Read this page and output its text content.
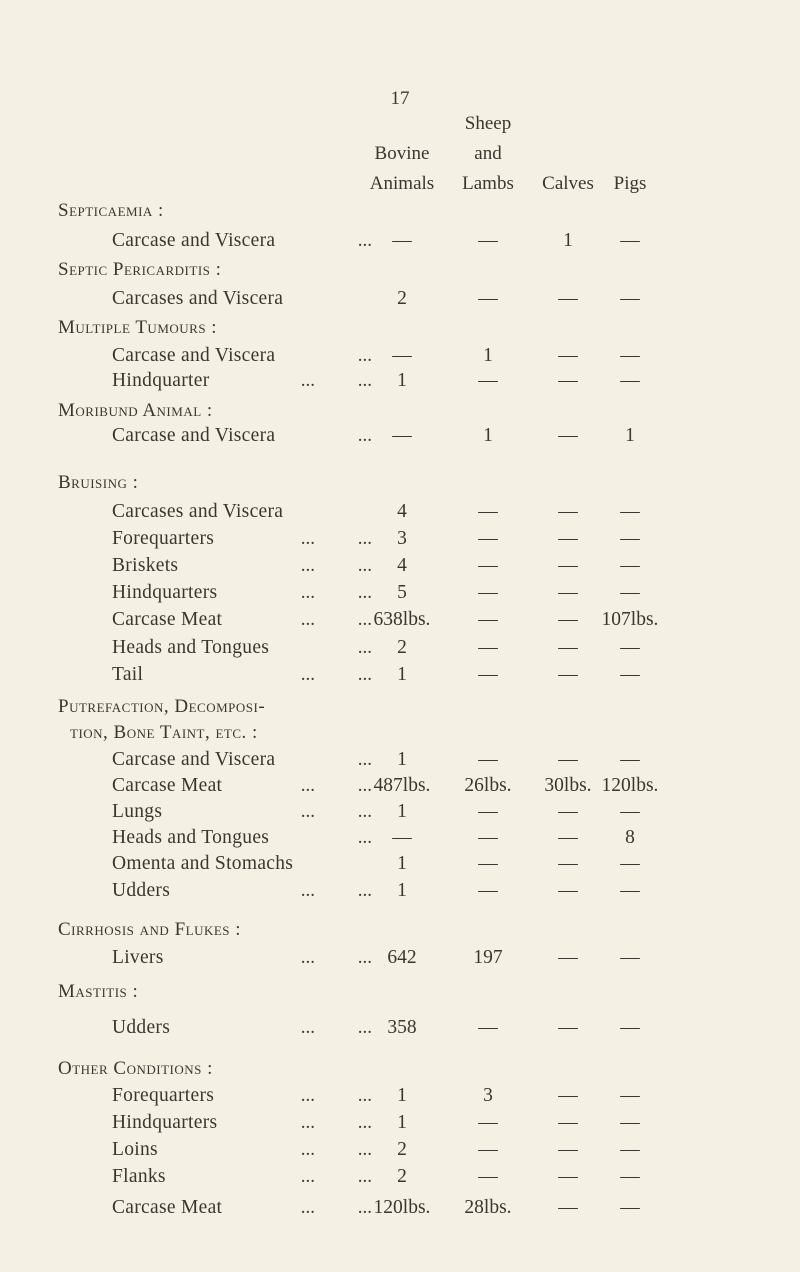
17
Bovine
Animals
Sheep
and
Lambs	Calves	Pigs
Septicaemia :
Carcase and Viscera	...	—	—	1	—
Septic Pericarditis :
Carcases and Viscera	2	—	—	—
Multiple Tumours :
Carcase and Viscera	...	—	1	—	—
Hindquarter	...         ...	1	—	—	—
Moribund Animal :
Carcase and Viscera	...	—	1	—	1
Bruising :
Carcases and Viscera	4	—	—	—
Forequarters	...         ...	3	—	—	—
Briskets	...         ...	4	—	—	—
Hindquarters	...         ...	5	—	—	—
Carcase Meat	...         ... 638lbs.	—	—	107lbs.
Heads and Tongues	...	2	—	—	—
Tail	...         ...	1	—	—	—
Putrefaction, Decomposi-
tion, Bone Taint, etc. :
Carcase and Viscera	...	1	—	—	—
Carcase Meat	...         ... 487lbs.	26lbs.	30lbs. 120lbs.
Lungs	...         ...	1	—	—	—
Heads and Tongues	...	—	—	—	8
Omenta and Stomachs	1	—	—	—
Udders	...         ...	1	—	—	—
Cirrhosis and Flukes :
Livers	...         ... 642	197	—	—
Mastitis :
Udders	...         ... 358	—	—	—
Other Conditions :
Forequarters	...         ...	1	3	—	—
Hindquarters	...         ...	1	—	—	—
Loins	...         ...	2	—	—	—
Flanks	...         ...	2	—	—	—
Carcase Meat	...         ... 120lbs.	28lbs.	—	—
